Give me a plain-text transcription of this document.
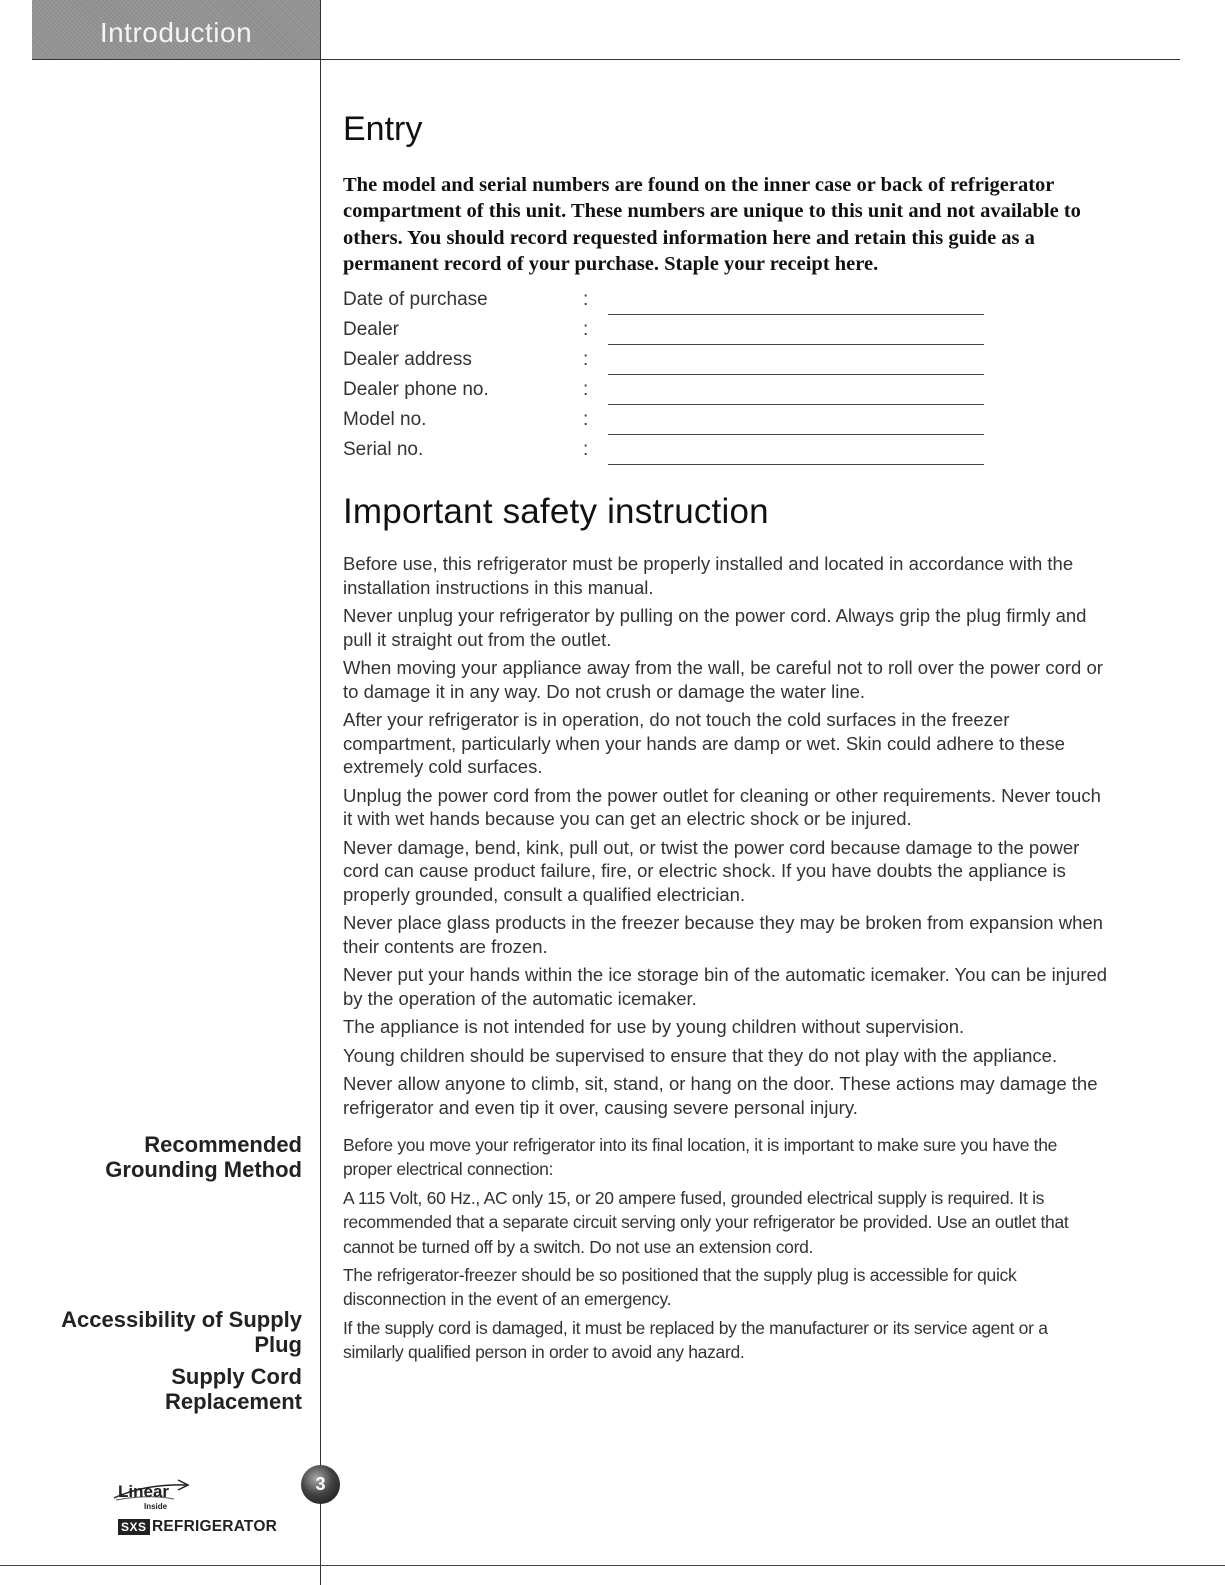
Introduction
Entry

The model and serial numbers are found on the inner case or back of refrigerator compartment of this unit. These numbers are unique to this unit and not available to others. You should record requested information here and retain this guide as a permanent record of your purchase. Staple your receipt here.

Date of purchase	:
Dealer	:
Dealer address	:
Dealer phone no.	:
Model no.	:
Serial no.	:
Important safety instruction

Before use, this refrigerator must be properly installed and located in accordance with the installation instructions in this manual.

Never unplug your refrigerator by pulling on the power cord. Always grip the plug firmly and pull it straight out from the outlet.

When moving your appliance away from the wall, be careful not to roll over the power cord or to damage it in any way. Do not crush or damage the water line.

After your refrigerator is in operation, do not touch the cold surfaces in the freezer compartment, particularly when your hands are damp or wet. Skin could adhere to these extremely cold surfaces.

Unplug the power cord from the power outlet for cleaning or other requirements. Never touch it with wet hands because you can get an electric shock or be injured.

Never damage, bend, kink, pull out, or twist the power cord because damage to the power cord can cause product failure, fire, or electric shock. If you have doubts the appliance is properly grounded, consult a qualified electrician.

Never place glass products in the freezer because they may be broken from expansion when their contents are frozen.

Never put your hands within the ice storage bin of the automatic icemaker. You can be injured by the operation of the automatic icemaker.

The appliance is not intended for use by young children without supervision.

Young children should be supervised to ensure that they do not play with the appliance.

Never allow anyone to climb, sit, stand, or hang on the door. These actions may damage the refrigerator and even tip it over, causing severe personal injury.

Before you move your refrigerator into its final location, it is important to make sure you have the proper electrical connection:

A 115 Volt, 60 Hz., AC only 15, or 20 ampere fused, grounded electrical supply is required. It is recommended that a separate circuit serving only your refrigerator be provided. Use an outlet that cannot be turned off by a switch. Do not use an extension cord.

The refrigerator-freezer should be so positioned that the supply plug is accessible for quick disconnection in the event of an emergency.

If the supply cord is damaged, it must be replaced by the manufacturer or its service agent or a similarly qualified person in order to avoid any hazard.

Recommended Grounding Method
Accessibility of Supply Plug
Supply Cord Replacement
3
Linear
Inside
SXS REFRIGERATOR
